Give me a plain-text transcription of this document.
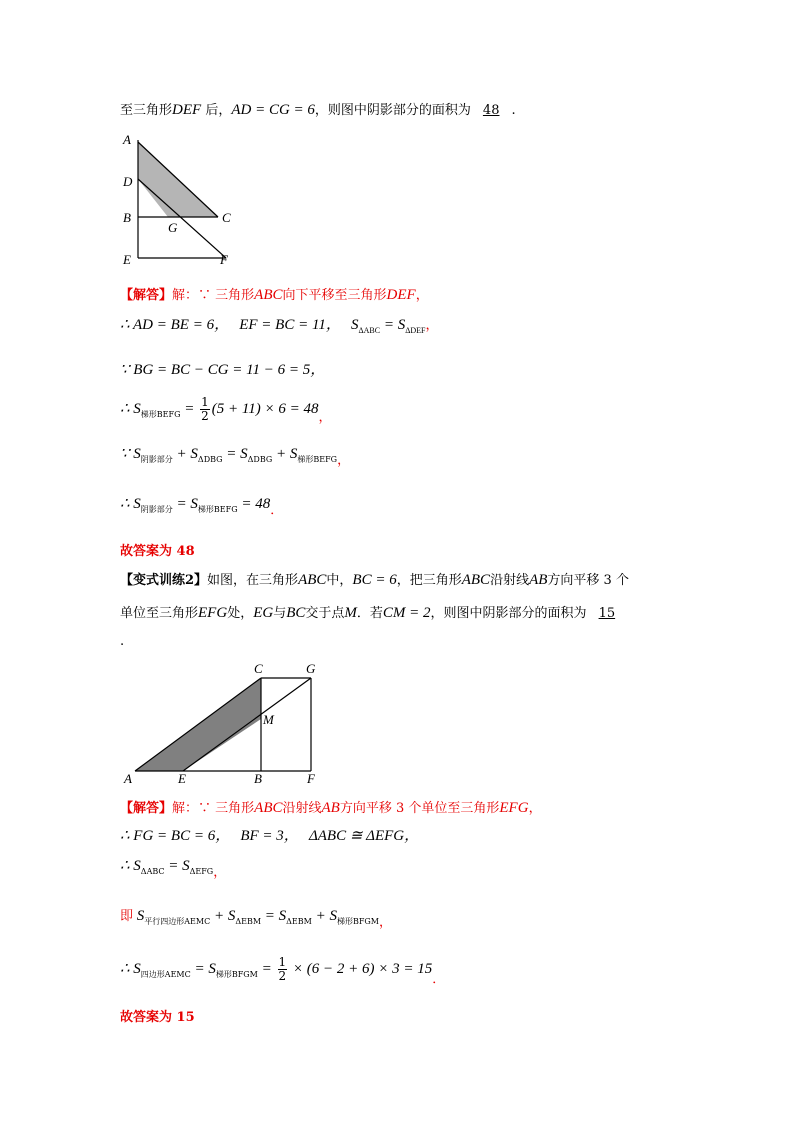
至三角形DEF 后，AD = CG = 6，则图中阴影部分的面积为 48 .
A
D
B	C
G
E	F
【解答】解：∵ 三角形ABC向下平移至三角形DEF，
∴ AD = BE = 6， EF = BC = 11， $S_{\Delta ABC} = S_{\Delta DEF}$，
∵ BG = BC − CG = 11 − 6 = 5，
∴ $S_{梯形BEFG} = \frac{1}{2} (5 + 11) \times 6 = 48$，
∵ $S_{阴影部分} + S_{\Delta DBG} = S_{\Delta DBG} + S_{梯形BEFG}$，
∴ $S_{阴影部分} = S_{梯形BEFG} = 48$．
故答案为 48
【变式训练2】如图，在三角形ABC中，BC = 6，把三角形ABC沿射线AB方向平移 3 个
单位至三角形EFG处，EG与BC交于点M．若CM = 2，则图中阴影部分的面积为 15
.
C	G
M
A	E	B	F
【解答】解：∵ 三角形ABC沿射线AB方向平移 3 个单位至三角形EFG，
∴ FG = BC = 6， BF = 3， ΔABC ≅ ΔEFG，
∴ $S_{\Delta ABC} = S_{\Delta EFG}$，
即 $S_{平行四边形AEMC} + S_{\Delta EBM} = S_{\Delta EBM} + S_{梯形BFGM}$，
∴ $S_{四边形AEMC} = S_{梯形BFGM} = \frac{1}{2} \times (6 - 2 + 6) \times 3 = 15$．
故答案为 15
